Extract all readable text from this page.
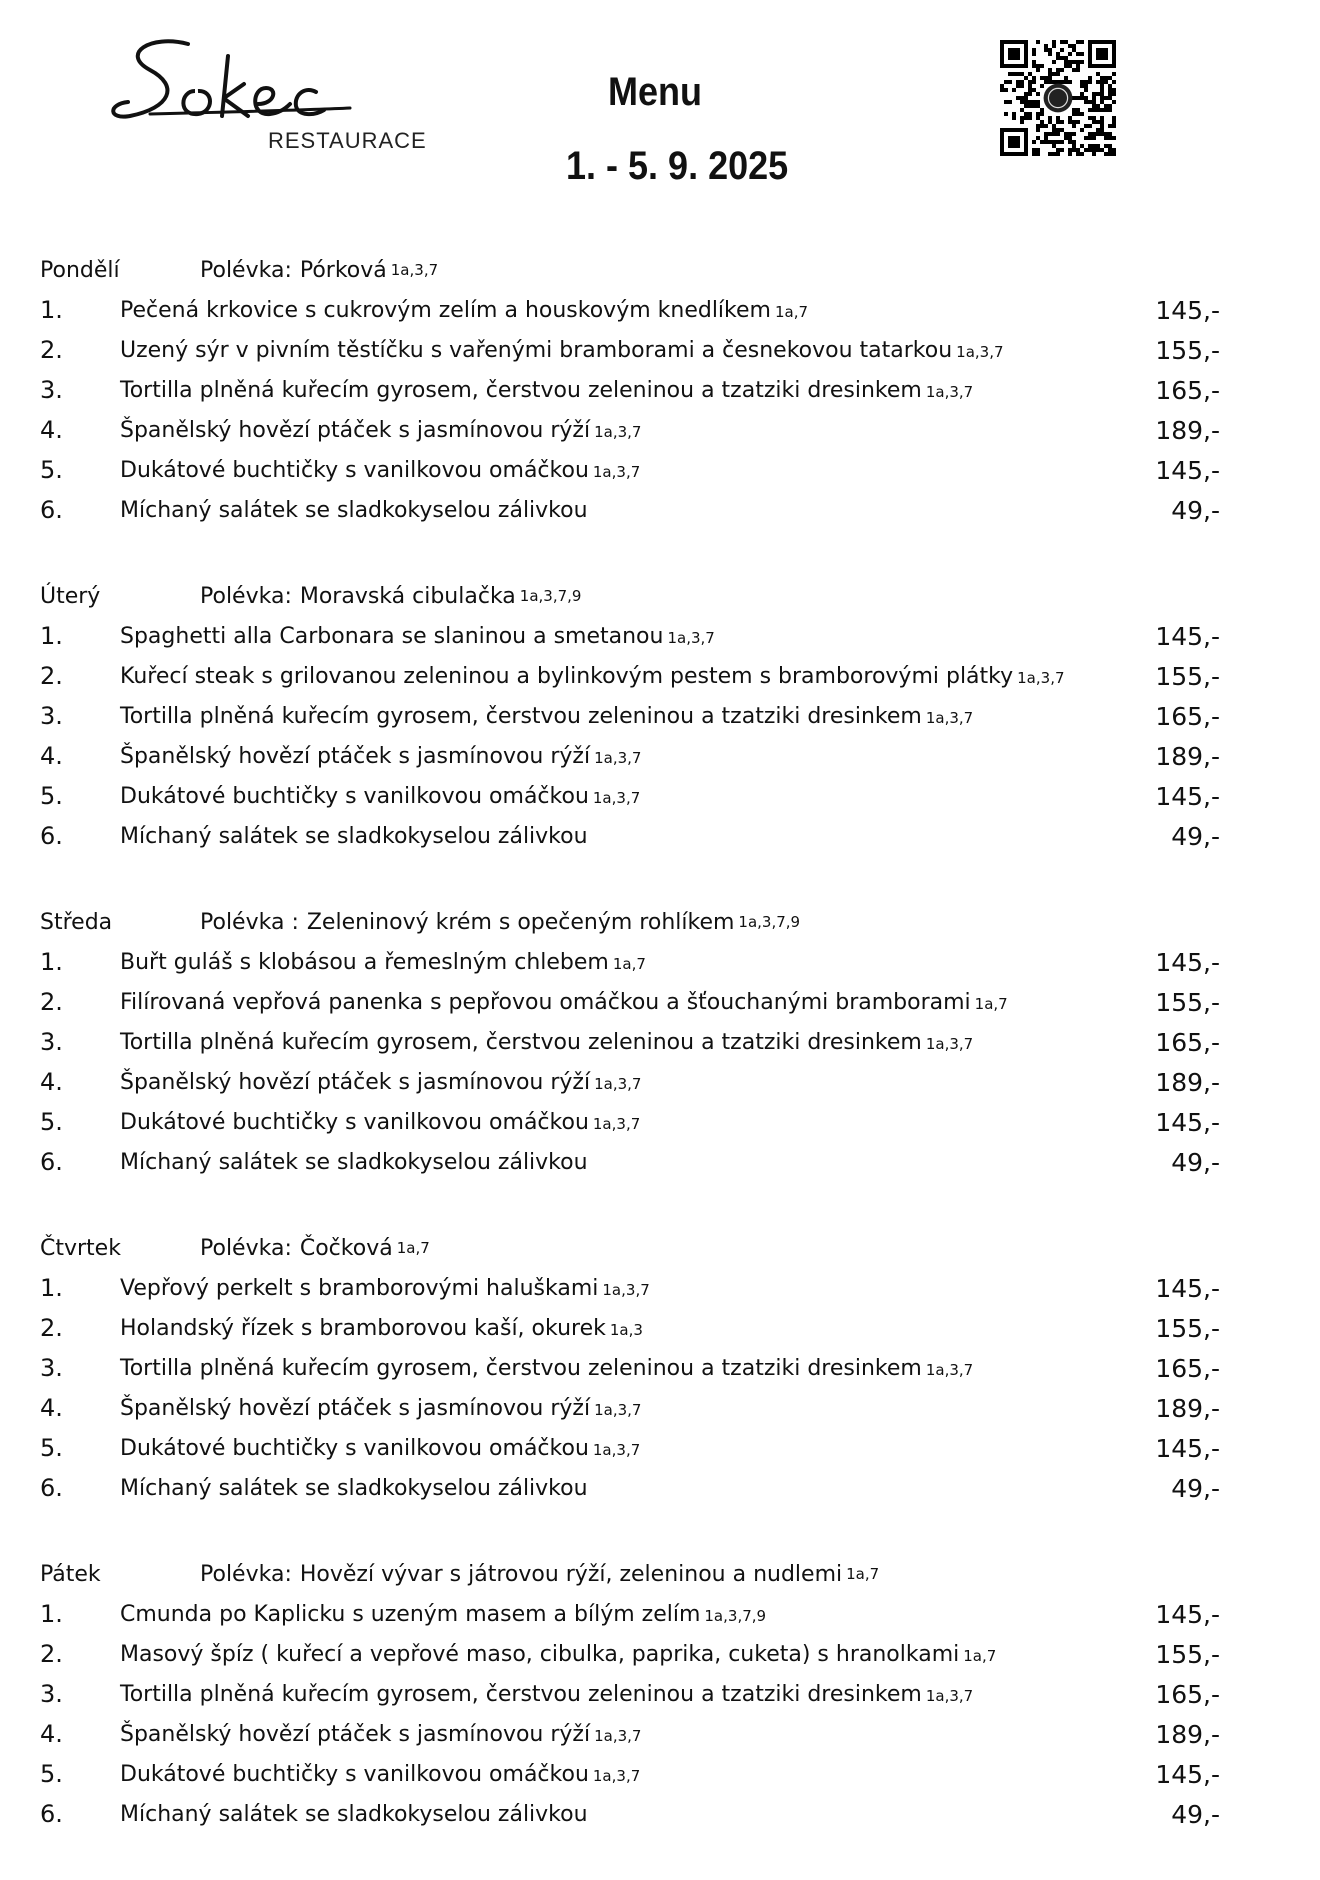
RESTAURACE
Menu
1. - 5. 9. 2025
Pondělí	Polévka: Pórková 1a,3,7
1.	Pečená krkovice s cukrovým zelím a houskovým knedlíkem 1a,7	145,-
2.	Uzený sýr v pivním těstíčku s vařenými bramborami a česnekovou tatarkou 1a,3,7	155,-
3.	Tortilla plněná kuřecím gyrosem, čerstvou zeleninou a tzatziki dresinkem 1a,3,7	165,-
4.	Španělský hovězí ptáček s jasmínovou rýží 1a,3,7	189,-
5.	Dukátové buchtičky s vanilkovou omáčkou 1a,3,7	145,-
6.	Míchaný salátek se sladkokyselou zálivkou	49,-
Úterý	Polévka: Moravská cibulačka 1a,3,7,9
1.	Spaghetti alla Carbonara se slaninou a smetanou 1a,3,7	145,-
2.	Kuřecí steak s grilovanou zeleninou a bylinkovým pestem s bramborovými plátky 1a,3,7	155,-
3.	Tortilla plněná kuřecím gyrosem, čerstvou zeleninou a tzatziki dresinkem 1a,3,7	165,-
4.	Španělský hovězí ptáček s jasmínovou rýží 1a,3,7	189,-
5.	Dukátové buchtičky s vanilkovou omáčkou 1a,3,7	145,-
6.	Míchaný salátek se sladkokyselou zálivkou	49,-
Středa	Polévka : Zeleninový krém s opečeným rohlíkem 1a,3,7,9
1.	Buřt guláš s klobásou a řemeslným chlebem 1a,7	145,-
2.	Filírovaná vepřová panenka s pepřovou omáčkou a šťouchanými bramborami 1a,7	155,-
3.	Tortilla plněná kuřecím gyrosem, čerstvou zeleninou a tzatziki dresinkem 1a,3,7	165,-
4.	Španělský hovězí ptáček s jasmínovou rýží 1a,3,7	189,-
5.	Dukátové buchtičky s vanilkovou omáčkou 1a,3,7	145,-
6.	Míchaný salátek se sladkokyselou zálivkou	49,-
Čtvrtek	Polévka: Čočková 1a,7
1.	Vepřový perkelt s bramborovými haluškami 1a,3,7	145,-
2.	Holandský řízek s bramborovou kaší, okurek 1a,3	155,-
3.	Tortilla plněná kuřecím gyrosem, čerstvou zeleninou a tzatziki dresinkem 1a,3,7	165,-
4.	Španělský hovězí ptáček s jasmínovou rýží 1a,3,7	189,-
5.	Dukátové buchtičky s vanilkovou omáčkou 1a,3,7	145,-
6.	Míchaný salátek se sladkokyselou zálivkou	49,-
Pátek	Polévka: Hovězí vývar s játrovou rýží, zeleninou a nudlemi 1a,7
1.	Cmunda po Kaplicku s uzeným masem a bílým zelím 1a,3,7,9	145,-
2.	Masový špíz ( kuřecí a vepřové maso, cibulka, paprika, cuketa) s hranolkami 1a,7	155,-
3.	Tortilla plněná kuřecím gyrosem, čerstvou zeleninou a tzatziki dresinkem 1a,3,7	165,-
4.	Španělský hovězí ptáček s jasmínovou rýží 1a,3,7	189,-
5.	Dukátové buchtičky s vanilkovou omáčkou 1a,3,7	145,-
6.	Míchaný salátek se sladkokyselou zálivkou	49,-
